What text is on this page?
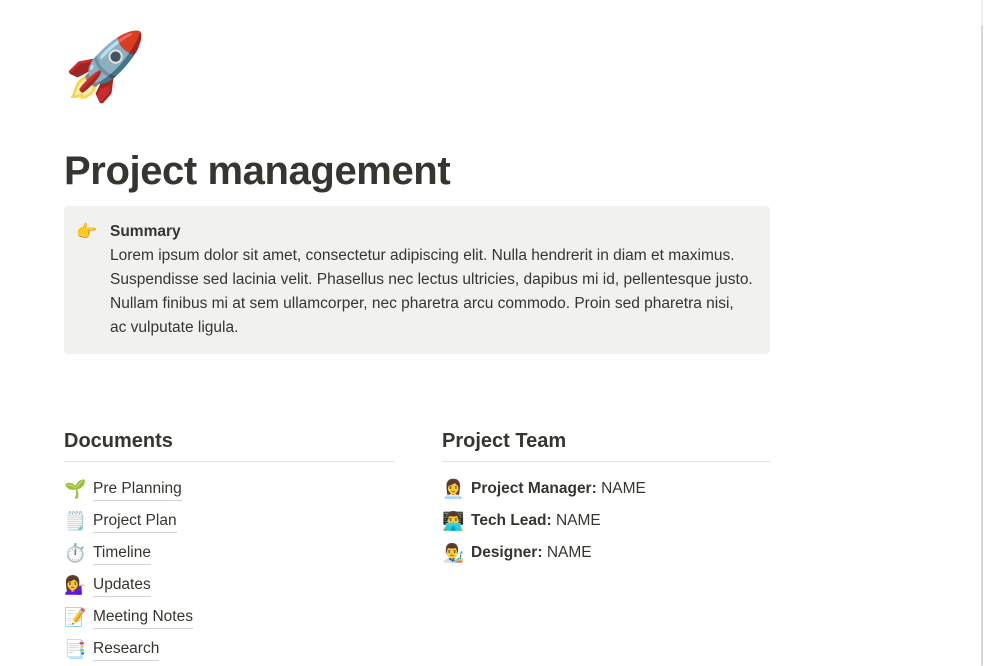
🚀
Project management
👉 Summary
Lorem ipsum dolor sit amet, consectetur adipiscing elit. Nulla hendrerit in diam et maximus. Suspendisse sed lacinia velit. Phasellus nec lectus ultricies, dapibus mi id, pellentesque justo. Nullam finibus mi at sem ullamcorper, nec pharetra arcu commodo. Proin sed pharetra nisi, ac vulputate ligula.
Documents
🌱 Pre Planning
🗒️ Project Plan
⏱️ Timeline
💁‍♀️ Updates
📝 Meeting Notes
📑 Research
Project Team
👩‍💼 Project Manager: NAME
👨‍💻 Tech Lead: NAME
👨‍🎨 Designer: NAME
